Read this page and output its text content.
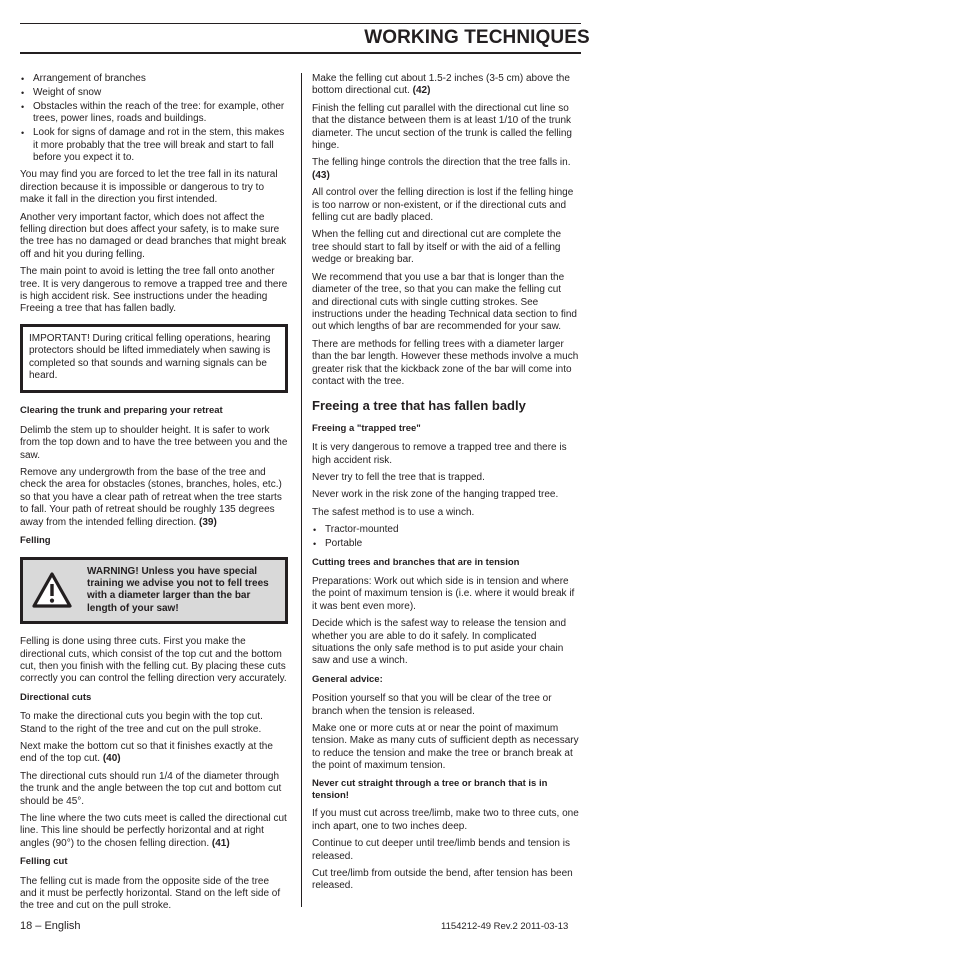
WORKING TECHNIQUES
• Arrangement of branches
• Weight of snow
• Obstacles within the reach of the tree: for example, other trees, power lines, roads and buildings.
• Look for signs of damage and rot in the stem, this makes it more probably that the tree will break and start to fall before you expect it to.

You may find you are forced to let the tree fall in its natural direction because it is impossible or dangerous to try to make it fall in the direction you first intended.

Another very important factor, which does not affect the felling direction but does affect your safety, is to make sure the tree has no damaged or dead branches that might break off and hit you during felling.

The main point to avoid is letting the tree fall onto another tree. It is very dangerous to remove a trapped tree and there is high accident risk. See instructions under the heading Freeing a tree that has fallen badly.

IMPORTANT! During critical felling operations, hearing protectors should be lifted immediately when sawing is completed so that sounds and warning signals can be heard.
Clearing the trunk and preparing your retreat

Delimb the stem up to shoulder height. It is safer to work from the top down and to have the tree between you and the saw.

Remove any undergrowth from the base of the tree and check the area for obstacles (stones, branches, holes, etc.) so that you have a clear path of retreat when the tree starts to fall. Your path of retreat should be roughly 135 degrees away from the intended felling direction. (39)

Felling
WARNING! Unless you have special training we advise you not to fell trees with a diameter larger than the bar length of your saw!

Felling is done using three cuts. First you make the directional cuts, which consist of the top cut and the bottom cut, then you finish with the felling cut. By placing these cuts correctly you can control the felling direction very accurately.

Directional cuts

To make the directional cuts you begin with the top cut. Stand to the right of the tree and cut on the pull stroke.

Next make the bottom cut so that it finishes exactly at the end of the top cut. (40)

The directional cuts should run 1/4 of the diameter through the trunk and the angle between the top cut and bottom cut should be 45°.

The line where the two cuts meet is called the directional cut line. This line should be perfectly horizontal and at right angles (90°) to the chosen felling direction. (41)

Felling cut

The felling cut is made from the opposite side of the tree and it must be perfectly horizontal. Stand on the left side of the tree and cut on the pull stroke.

Make the felling cut about 1.5-2 inches (3-5 cm) above the bottom directional cut. (42)

Finish the felling cut parallel with the directional cut line so that the distance between them is at least 1/10 of the trunk diameter. The uncut section of the trunk is called the felling hinge.

The felling hinge controls the direction that the tree falls in.
(43)

All control over the felling direction is lost if the felling hinge is too narrow or non-existent, or if the directional cuts and felling cut are badly placed.

When the felling cut and directional cut are complete the tree should start to fall by itself or with the aid of a felling wedge or breaking bar.

We recommend that you use a bar that is longer than the diameter of the tree, so that you can make the felling cut and directional cuts with single cutting strokes. See instructions under the heading Technical data section to find out which lengths of bar are recommended for your saw.

There are methods for felling trees with a diameter larger than the bar length. However these methods involve a much greater risk that the kickback zone of the bar will come into contact with the tree.

Freeing a tree that has fallen badly
Freeing a "trapped tree"

It is very dangerous to remove a trapped tree and there is high accident risk.

Never try to fell the tree that is trapped.

Never work in the risk zone of the hanging trapped tree.

The safest method is to use a winch.

• Tractor-mounted
• Portable
Cutting trees and branches that are in tension

Preparations: Work out which side is in tension and where the point of maximum tension is (i.e. where it would break if it was bent even more).

Decide which is the safest way to release the tension and whether you are able to do it safely. In complicated situations the only safe method is to put aside your chain saw and use a winch.

General advice:

Position yourself so that you will be clear of the tree or branch when the tension is released.

Make one or more cuts at or near the point of maximum tension. Make as many cuts of sufficient depth as necessary to reduce the tension and make the tree or branch break at the point of maximum tension.

Never cut straight through a tree or branch that is in tension!

If you must cut across tree/limb, make two to three cuts, one inch apart, one to two inches deep.

Continue to cut deeper until tree/limb bends and tension is released.

Cut tree/limb from outside the bend, after tension has been released.

18 – English	1154212-49 Rev.2 2011-03-13
